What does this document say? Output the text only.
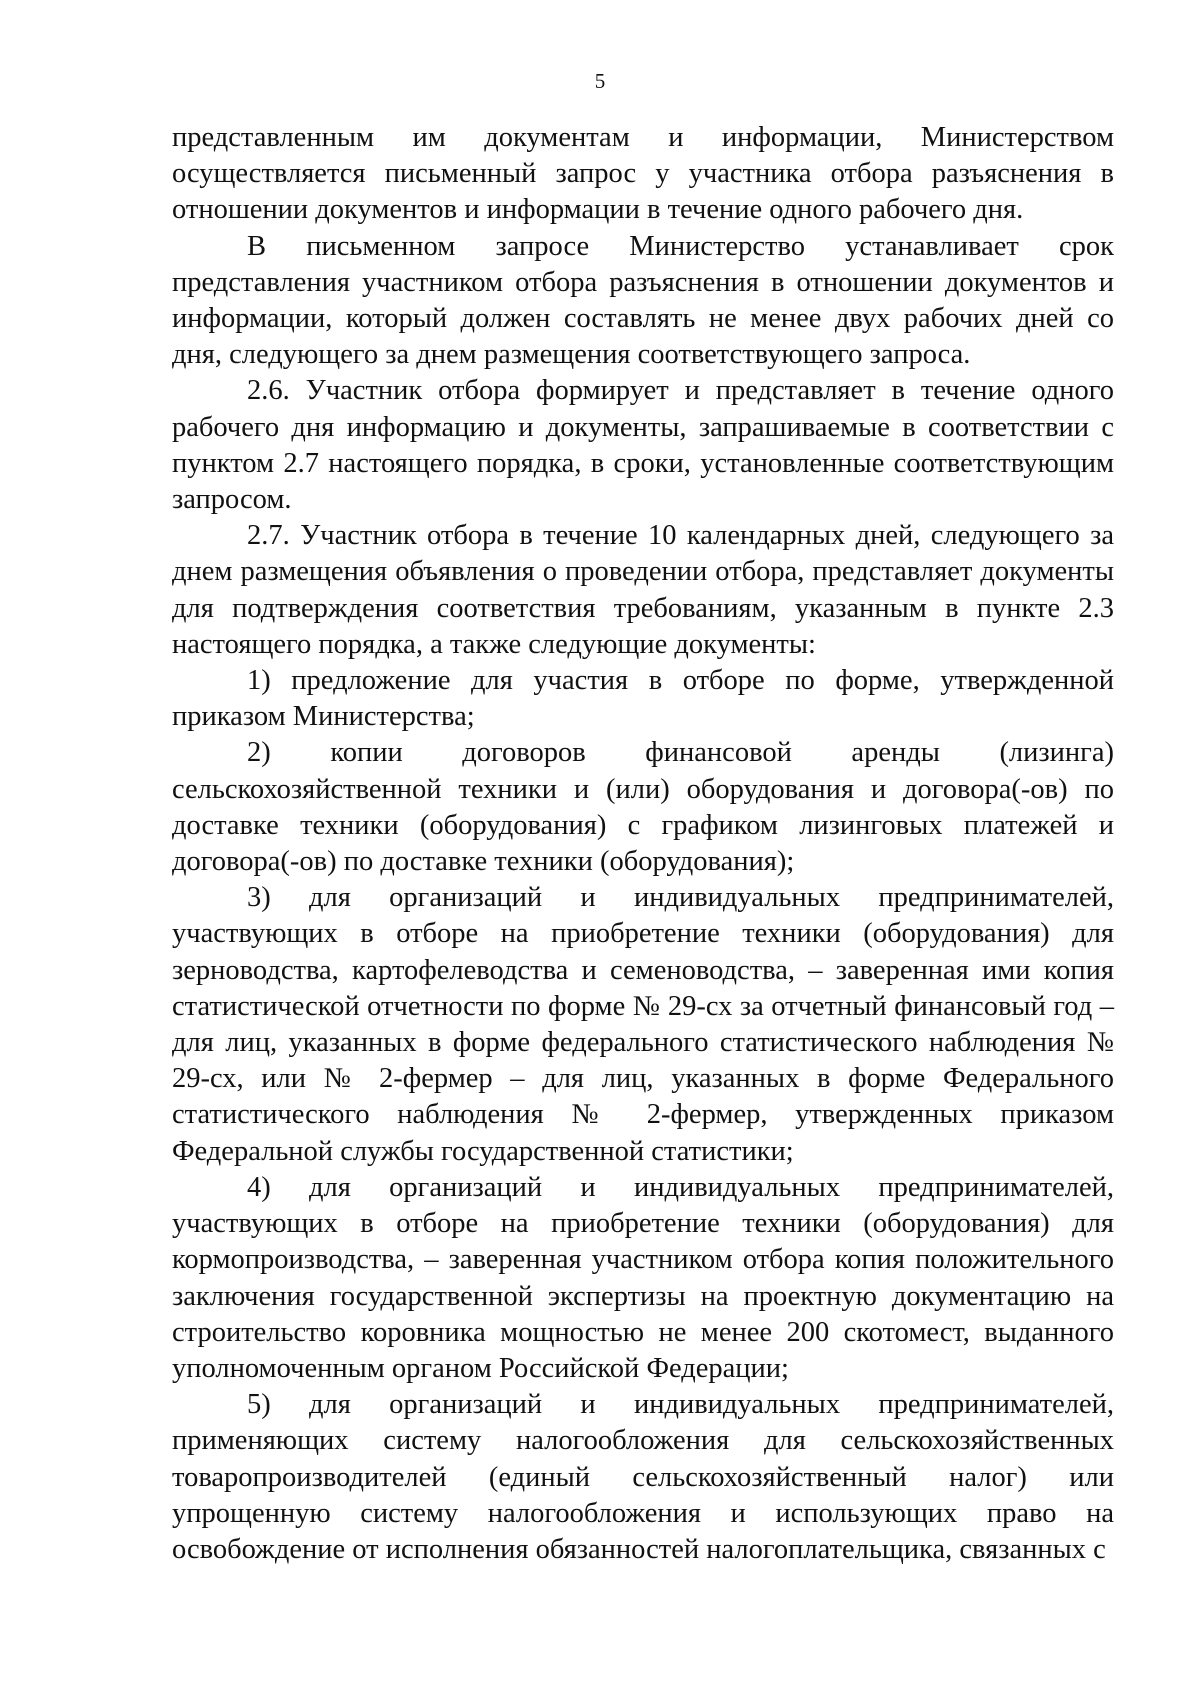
5

представленным им документам и информации, Министерством осуществляется письменный запрос у участника отбора разъяснения в отношении документов и информации в течение одного рабочего дня.

В письменном запросе Министерство устанавливает срок представления участником отбора разъяснения в отношении документов и информации, который должен составлять не менее двух рабочих дней со дня, следующего за днем размещения соответствующего запроса.

2.6. Участник отбора формирует и представляет в течение одного рабочего дня информацию и документы, запрашиваемые в соответствии с пунктом 2.7 настоящего порядка, в сроки, установленные соответствующим запросом.

2.7. Участник отбора в течение 10 календарных дней, следующего за днем размещения объявления о проведении отбора, представляет документы для подтверждения соответствия требованиям, указанным в пункте 2.3 настоящего порядка, а также следующие документы:

1) предложение для участия в отборе по форме, утвержденной приказом Министерства;

2) копии договоров финансовой аренды (лизинга) сельскохозяйственной техники и (или) оборудования и договора(-ов) по доставке техники (оборудования) с графиком лизинговых платежей и договора(-ов) по доставке техники (оборудования);

3) для организаций и индивидуальных предпринимателей, участвующих в отборе на приобретение техники (оборудования) для зерноводства, картофелеводства и семеноводства, – заверенная ими копия статистической отчетности по форме № 29-сх за отчетный финансовый год – для лиц, указанных в форме федерального статистического наблюдения № 29-сх, или № 2-фермер – для лиц, указанных в форме Федерального статистического наблюдения № 2-фермер, утвержденных приказом Федеральной службы государственной статистики;

4) для организаций и индивидуальных предпринимателей, участвующих в отборе на приобретение техники (оборудования) для кормопроизводства, – заверенная участником отбора копия положительного заключения государственной экспертизы на проектную документацию на строительство коровника мощностью не менее 200 скотомест, выданного уполномоченным органом Российской Федерации;

5) для организаций и индивидуальных предпринимателей, применяющих систему налогообложения для сельскохозяйственных товаропроизводителей (единый сельскохозяйственный налог) или упрощенную систему налогообложения и использующих право на освобождение от исполнения обязанностей налогоплательщика, связанных с
